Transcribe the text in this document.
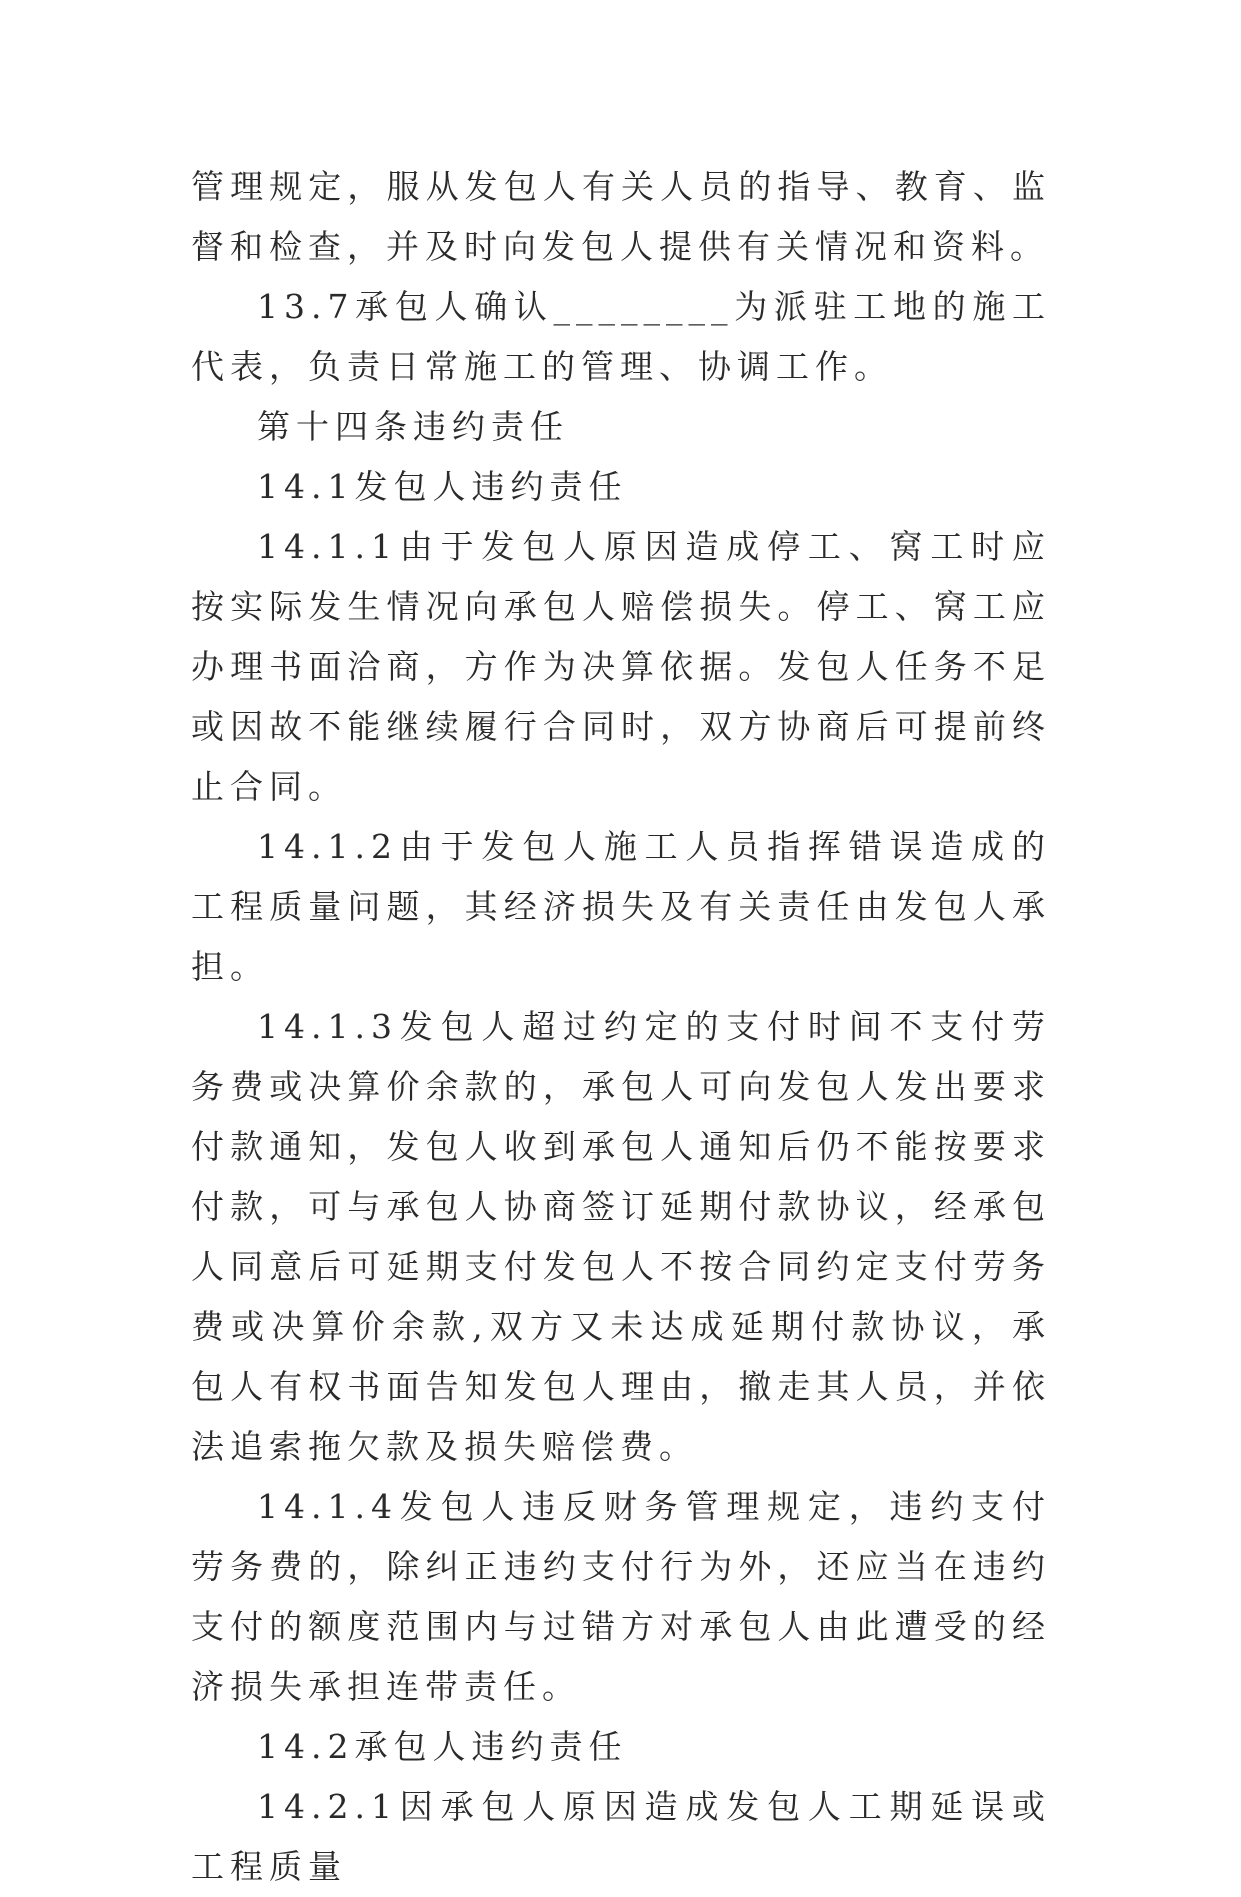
管理规定，服从发包人有关人员的指导、教育、监督和检查，并及时向发包人提供有关情况和资料。

13.7承包人确认________为派驻工地的施工代表，负责日常施工的管理、协调工作。

第十四条违约责任

14.1发包人违约责任

14.1.1由于发包人原因造成停工、窝工时应按实际发生情况向承包人赔偿损失。停工、窝工应办理书面洽商，方作为决算依据。发包人任务不足或因故不能继续履行合同时，双方协商后可提前终止合同。

14.1.2由于发包人施工人员指挥错误造成的工程质量问题，其经济损失及有关责任由发包人承担。

14.1.3发包人超过约定的支付时间不支付劳务费或决算价余款的，承包人可向发包人发出要求付款通知，发包人收到承包人通知后仍不能按要求付款，可与承包人协商签订延期付款协议，经承包人同意后可延期支付发包人不按合同约定支付劳务费或决算价余款,双方又未达成延期付款协议，承包人有权书面告知发包人理由，撤走其人员，并依法追索拖欠款及损失赔偿费。

14.1.4发包人违反财务管理规定，违约支付劳务费的，除纠正违约支付行为外，还应当在违约支付的额度范围内与过错方对承包人由此遭受的经济损失承担连带责任。

14.2承包人违约责任

14.2.1因承包人原因造成发包人工期延误或工程质量
